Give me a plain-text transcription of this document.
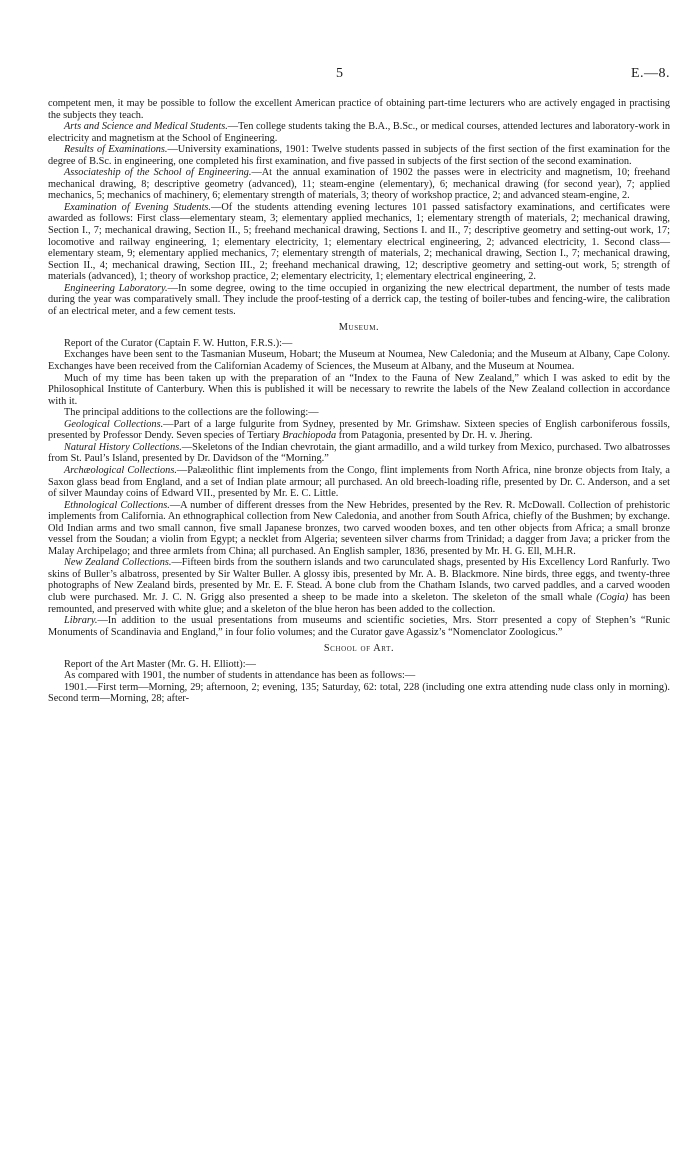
5	E.—8.

competent men, it may be possible to follow the excellent American practice of obtaining part-time lecturers who are actively engaged in practising the subjects they teach.

Arts and Science and Medical Students.—Ten college students taking the B.A., B.Sc., or medical courses, attended lectures and laboratory-work in electricity and magnetism at the School of Engineering.

Results of Examinations.—University examinations, 1901: Twelve students passed in subjects of the first section of the first examination for the degree of B.Sc. in engineering, one completed his first examination, and five passed in subjects of the first section of the second examination.

Associateship of the School of Engineering.—At the annual examination of 1902 the passes were in electricity and magnetism, 10; freehand mechanical drawing, 8; descriptive geometry (advanced), 11; steam-engine (elementary), 6; mechanical drawing (for second year), 7; applied mechanics, 5; mechanics of machinery, 6; elementary strength of materials, 3; theory of workshop practice, 2; and advanced steam-engine, 2.

Examination of Evening Students.—Of the students attending evening lectures 101 passed satisfactory examinations, and certificates were awarded as follows: First class—elementary steam, 3; elementary applied mechanics, 1; elementary strength of materials, 2; mechanical drawing, Section I., 7; mechanical drawing, Section II., 5; freehand mechanical drawing, Sections I. and II., 7; descriptive geometry and setting-out work, 17; locomotive and railway engineering, 1; elementary electricity, 1; elementary electrical engineering, 2; advanced electricity, 1. Second class—elementary steam, 9; elementary applied mechanics, 7; elementary strength of materials, 2; mechanical drawing, Section I., 7; mechanical drawing, Section II., 4; mechanical drawing, Section III., 2; freehand mechanical drawing, 12; descriptive geometry and setting-out work, 5; strength of materials (advanced), 1; theory of workshop practice, 2; elementary electricity, 1; elementary electrical engineering, 2.

Engineering Laboratory.—In some degree, owing to the time occupied in organizing the new electrical department, the number of tests made during the year was comparatively small. They include the proof-testing of a derrick cap, the testing of boiler-tubes and fencing-wire, the calibration of an electrical meter, and a few cement tests.

Museum.

Report of the Curator (Captain F. W. Hutton, F.R.S.):—

Exchanges have been sent to the Tasmanian Museum, Hobart; the Museum at Noumea, New Caledonia; and the Museum at Albany, Cape Colony. Exchanges have been received from the Californian Academy of Sciences, the Museum at Albany, and the Museum at Noumea.

Much of my time has been taken up with the preparation of an “Index to the Fauna of New Zealand,” which I was asked to edit by the Philosophical Institute of Canterbury. When this is published it will be necessary to rewrite the labels of the New Zealand collection in accordance with it.

The principal additions to the collections are the following:—

Geological Collections.—Part of a large fulgurite from Sydney, presented by Mr. Grimshaw. Sixteen species of English carboniferous fossils, presented by Professor Dendy. Seven species of Tertiary Brachiopoda from Patagonia, presented by Dr. H. v. Jhering.

Natural History Collections.—Skeletons of the Indian chevrotain, the giant armadillo, and a wild turkey from Mexico, purchased. Two albatrosses from St. Paul’s Island, presented by Dr. Davidson of the “Morning.”

Archæological Collections.—Palæolithic flint implements from the Congo, flint implements from North Africa, nine bronze objects from Italy, a Saxon glass bead from England, and a set of Indian plate armour; all purchased. An old breech-loading rifle, presented by Dr. C. Anderson, and a set of silver Maunday coins of Edward VII., presented by Mr. E. C. Little.

Ethnological Collections.—A number of different dresses from the New Hebrides, presented by the Rev. R. McDowall. Collection of prehistoric implements from California. An ethnographical collection from New Caledonia, and another from South Africa, chiefly of the Bushmen; by exchange. Old Indian arms and two small cannon, five small Japanese bronzes, two carved wooden boxes, and ten other objects from Africa; a small bronze vessel from the Soudan; a violin from Egypt; a necklet from Algeria; seventeen silver charms from Trinidad; a dagger from Java; a pricker from the Malay Archipelago; and three armlets from China; all purchased. An English sampler, 1836, presented by Mr. H. G. Ell, M.H.R.

New Zealand Collections.—Fifteen birds from the southern islands and two carunculated shags, presented by His Excellency Lord Ranfurly. Two skins of Buller’s albatross, presented by Sir Walter Buller. A glossy ibis, presented by Mr. A. B. Blackmore. Nine birds, three eggs, and twenty-three photographs of New Zealand birds, presented by Mr. E. F. Stead. A bone club from the Chatham Islands, two carved paddles, and a carved wooden club were purchased. Mr. J. C. N. Grigg also presented a sheep to be made into a skeleton. The skeleton of the small whale (Cogia) has been remounted, and preserved with white glue; and a skeleton of the blue heron has been added to the collection.

Library.—In addition to the usual presentations from museums and scientific societies, Mrs. Storr presented a copy of Stephen’s “Runic Monuments of Scandinavia and England,” in four folio volumes; and the Curator gave Agassiz’s “Nomenclator Zoologicus.”

School of Art.

Report of the Art Master (Mr. G. H. Elliott):—

As compared with 1901, the number of students in attendance has been as follows:—

1901.—First term—Morning, 29; afternoon, 2; evening, 135; Saturday, 62: total, 228 (including one extra attending nude class only in morning). Second term—Morning, 28; after-
